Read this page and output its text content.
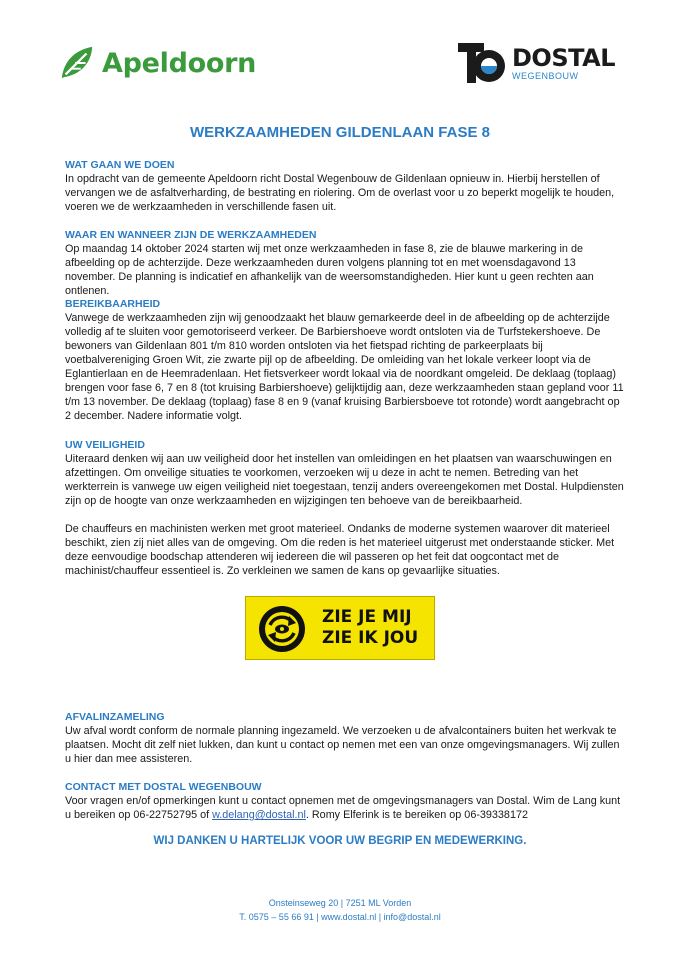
Apeldoorn	DOSTAL
WEGENBOUW
WERKZAAMHEDEN GILDENLAAN FASE 8
WAT GAAN WE DOEN

In opdracht van de gemeente Apeldoorn richt Dostal Wegenbouw de Gildenlaan opnieuw in. Hierbij herstellen of vervangen we de asfaltverharding, de bestrating en riolering. Om de overlast voor u zo beperkt mogelijk te houden, voeren we de werkzaamheden in verschillende fasen uit.

WAAR EN WANNEER ZIJN DE WERKZAAMHEDEN

Op maandag 14 oktober 2024 starten wij met onze werkzaamheden in fase 8, zie de blauwe markering in de afbeelding op de achterzijde. Deze werkzaamheden duren volgens planning tot en met woensdagavond 13 november. De planning is indicatief en afhankelijk van de weersomstandigheden. Hier kunt u geen rechten aan ontlenen.

BEREIKBAARHEID

Vanwege de werkzaamheden zijn wij genoodzaakt het blauw gemarkeerde deel in de afbeelding op de achterzijde volledig af te sluiten voor gemotoriseerd verkeer. De Barbiershoeve wordt ontsloten via de Turfstekershoeve. De bewoners van Gildenlaan 801 t/m 810 worden ontsloten via het fietspad richting de parkeerplaats bij voetbalvereniging Groen Wit, zie zwarte pijl op de afbeelding. De omleiding van het lokale verkeer loopt via de Eglantierlaan en de Heemradenlaan. Het fietsverkeer wordt lokaal via de noordkant omgeleid. De deklaag (toplaag) brengen voor fase 6, 7 en 8 (tot kruising Barbiershoeve) gelijktijdig aan, deze werkzaamheden staan gepland voor 11 t/m 13 november. De deklaag (toplaag) fase 8 en 9 (vanaf kruising Barbiersboeve tot rotonde) wordt aangebracht op 2 december. Nadere informatie volgt.

UW VEILIGHEID

Uiteraard denken wij aan uw veiligheid door het instellen van omleidingen en het plaatsen van waarschuwingen en afzettingen. Om onveilige situaties te voorkomen, verzoeken wij u deze in acht te nemen. Betreding van het werkterrein is vanwege uw eigen veiligheid niet toegestaan, tenzij anders overeengekomen met Dostal. Hulpdiensten zijn op de hoogte van onze werkzaamheden en wijzigingen ten behoeve van de bereikbaarheid.

De chauffeurs en machinisten werken met groot materieel. Ondanks de moderne systemen waarover dit materieel beschikt, zien zij niet alles van de omgeving. Om die reden is het materieel uitgerust met onderstaande sticker. Met deze eenvoudige boodschap attenderen wij iedereen die wil passeren op het feit dat oogcontact met de machinist/chauffeur essentieel is. Zo verkleinen we samen de kans op gevaarlijke situaties.

ZIE JE MIJ
ZIE IK JOU
AFVALINZAMELING

Uw afval wordt conform de normale planning ingezameld. We verzoeken u de afvalcontainers buiten het werkvak te plaatsen. Mocht dit zelf niet lukken, dan kunt u contact op nemen met een van onze omgevingsmanagers. Wij zullen u hier dan mee assisteren.

CONTACT MET DOSTAL WEGENBOUW

Voor vragen en/of opmerkingen kunt u contact opnemen met de omgevingsmanagers van Dostal. Wim de Lang kunt u bereiken op 06-22752795 of w.delang@dostal.nl. Romy Elferink is te bereiken op 06-39338172

WIJ DANKEN U HARTELIJK VOOR UW BEGRIP EN MEDEWERKING.
Onsteinseweg 20 | 7251 ML Vorden
T. 0575 – 55 66 91 | www.dostal.nl | info@dostal.nl
